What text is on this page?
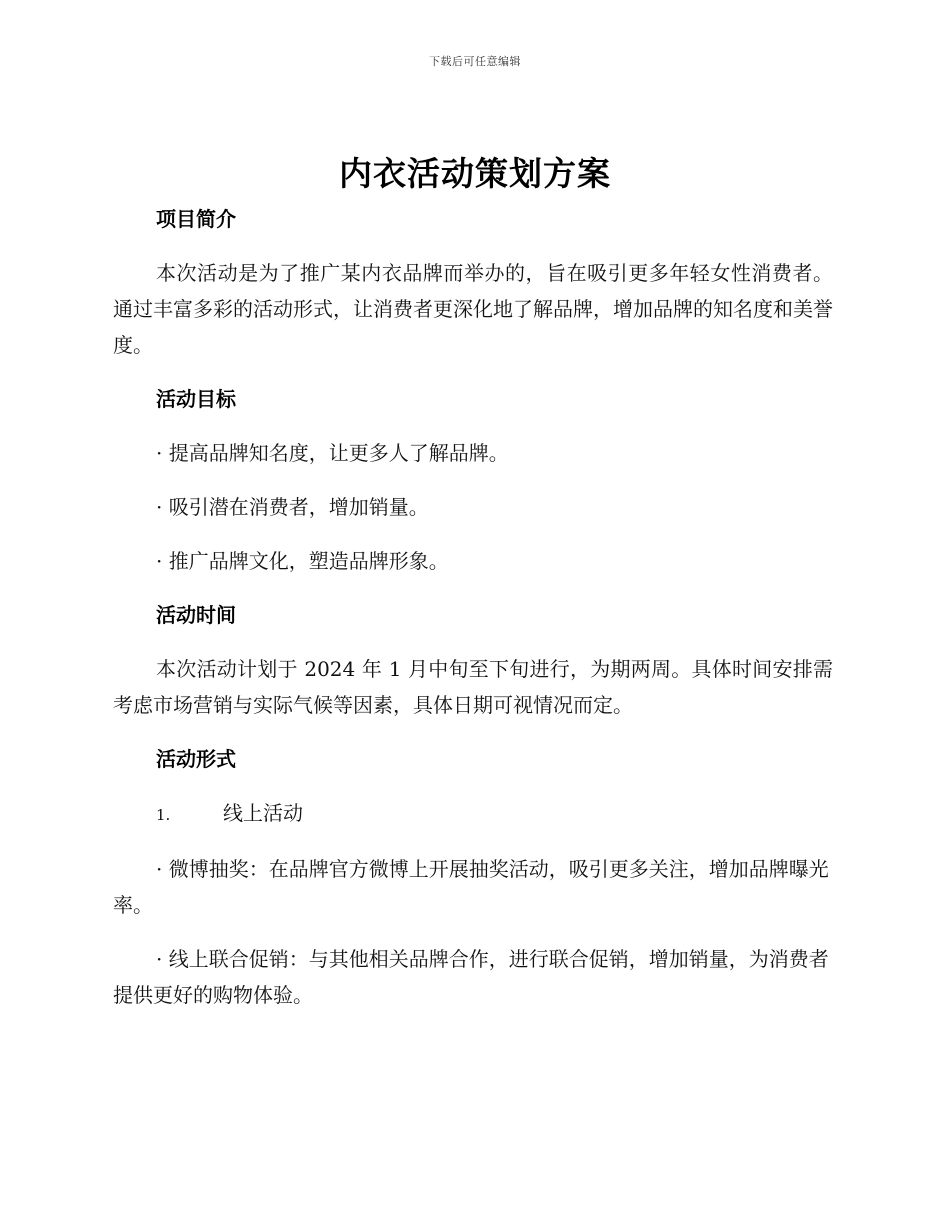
下载后可任意编辑
内衣活动策划方案
项目简介

本次活动是为了推广某内衣品牌而举办的，旨在吸引更多年轻女性消费者。通过丰富多彩的活动形式，让消费者更深化地了解品牌，增加品牌的知名度和美誉度。

活动目标
· 提高品牌知名度，让更多人了解品牌。
· 吸引潜在消费者，增加销量。
· 推广品牌文化，塑造品牌形象。
活动时间

本次活动计划于 2024 年 1 月中旬至下旬进行，为期两周。具体时间安排需考虑市场营销与实际气候等因素，具体日期可视情况而定。

活动形式
1.	线上活动
· 微博抽奖：在品牌官方微博上开展抽奖活动，吸引更多关注，增加品牌曝光率。
· 线上联合促销：与其他相关品牌合作，进行联合促销，增加销量，为消费者提供更好的购物体验。
